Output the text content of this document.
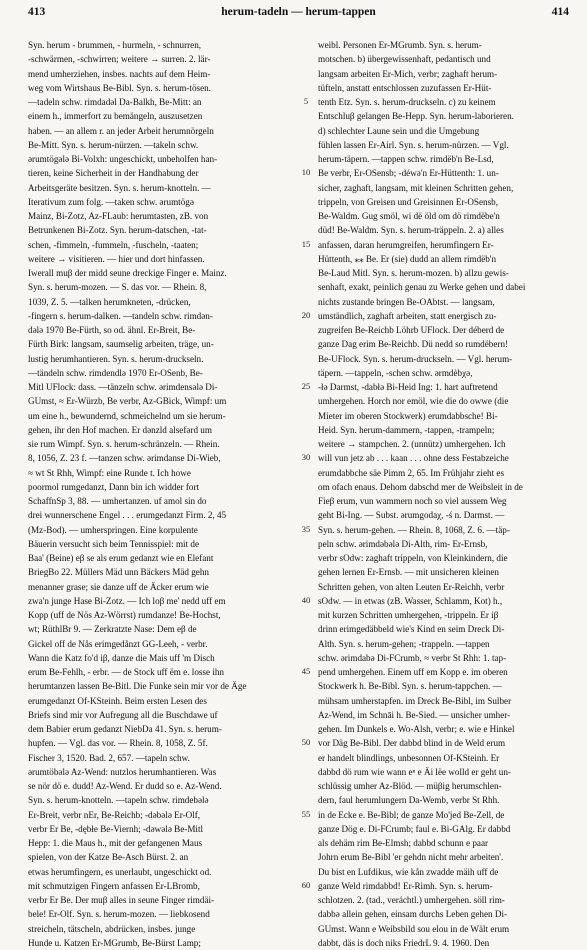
413	herum-tadeln — herum-tappen	414
Syn. herum - brummen, - hurmeln, - schnurren,
-schwärmen, -schwirren; weitere → surren. 2. lär-
mend umherziehen, insbes. nachts auf dem Heim-
weg vom Wirtshaus Be-Bibl. Syn. s. herum-tösen.
—tadeln schw. rimdadəl Da-Balkh, Be-Mitt: an
einem h., immerfort zu bemängeln, auszusetzen
haben. — an allem r. an jeder Arbeit herumnörgeln
Be-Mitt. Syn. s. herum-nürzen. —takeln schw.
ərumtögələ Bi-Volxh: ungeschickt, unbeholfen han-
tieren, keine Sicherheit in der Handhabung der
Arbeitsgeräte besitzen. Syn. s. herum-knotteln. —
Iterativum zum folg. —taken schw. ərumtögə
Mainz, Bi-Zotz, Az-FLaub: herumtasten, zB. von
Betrunkenen Bi-Zotz. Syn. herum-datschen, -tat-
schen, -fimmeln, -fummeln, -fuscheln, -taaten;
weitere → visitieren. — hier und dort hinfassen.
Iwerall muβ der midd seune dreckige Finger e. Mainz.
Syn. s. herum-mozen. — S. das vor. — Rhein. 8,
1039, Z. 5. —talken herumkneten, -drücken,
-fingern s. herum-dalken. —tandeln schw. rimdən-
dələ 1970 Be-Fürth, so od. ähnl. Er-Breit, Be-
Fürth Birk: langsam, saumselig arbeiten, träge, un-
lustig herumhantieren. Syn. s. herum-druckseln.
—tändeln schw. rimdendlə 1970 Er-OSenb, Be-
Mitl UFlock: dass. —tänzeln schw. ərimdensələ Di-
GUmst, ≈ Er-Würzb, Be verbr, Az-GBick, Wimpf: um
um eine h., bewundernd, schmeichelnd um sie herum-
gehen, ihr den Hof machen. Er dənzld alsefərd um
sie rum Wimpf. Syn. s. herum-schränzeln. — Rhein.
8, 1056, Z. 23 f. —tanzen schw. ərimdanse Di-Wieb,
≈ wt St Rhh, Wimpf: eine Runde t. Ich howe
poormol rumgedanzt, Dann bin ich widder fort
SchaffnSp 3, 88. — umhertanzen. uf amol sin do
drei wunnerschene Engel . . . erumgedanzt Firm. 2, 45
(Mz-Bod). — umherspringen. Eine korpulente
Bäuerin versucht sich beim Tennisspiel: mit de
Baa' (Beine) eβ se als erum gedanzt wie en Elefant
BriegBo 22. Müllers Mäd unn Bäckers Mäd gehn
menanner grase; sie danze uff de Äcker erum wie
zwa'n junge Hase Bi-Zotz. — Ich loβ me' nedd uff em
Kopp (uff de Nös Az-Wörrst) rumdanze! Be-Hochst,
wt; RüthlBr 9. — Zerkratzte Nase: Dem eβ de
Gickel off de Nås erimgedånzt GG-Leeh, - verbr.
Wann die Katz fo'd iβ, danze die Mais uff 'm Disch
erum Be-Fehlh, - erbr. — de Stock uff ëm e. losse ihn
herumtanzen lassen Be-Bitl. Die Funke sein mir vor de Äge
erumgedanzt Of-KSteinh. Beim ersten Lesen des
Briefs sind mir vor Aufregung all die Buschdawe uf
dem Babier erum gedanzt NiebDa 41. Syn. s. herum-
hupfen. — Vgl. das vor. — Rhein. 8, 1058, Z. 5f.
Fischer 3, 1520. Bad. 2, 657. —tapeln schw.
ərumtöbələ Az-Wend: nutzlos herumhantieren. Was
se nör dö e. dudd! Az-Wend. Er dudd so e. Az-Wend.
Syn. s. herum-knotteln. —tapeln schw. rimdebələ
Er-Breit, verbr nEr, Be-Reichb; -dəbələ Er-Olf,
verbr Er Be, -dębłe Be-Viernh; -dəwələ Be-Mitl
Hepp: 1. die Maus h., mit der gefangenen Maus
spielen, von der Katze Be-Asch Bürst. 2. an
etwas herumfingern, es unerlaubt, ungeschickt od.
mit schmutzigen Fingern anfassen Er-LBromb,
verbr Er Be. Der muβ alles in seune Finger rimdäi-
bele! Er-Olf. Syn. s. herum-mozen. — liebkosend
streicheln, tätscheln, abdrücken, insbes. junge
Hunde u. Katzen Er-MGrumb, Be-Bürst Lamp;
5
10
15
20
25
30
35
40
45
50
55
60
weibl. Personen Er-MGrumb. Syn. s. herum-
motschen. b) übergewissenhaft, pedantisch und
langsam arbeiten Er-Mich, verbr; zaghaft herum-
tüfteln, anstatt entschlossen zuzufassen Er-Hüt-
tenth Etz. Syn. s. herum-druckseln. c) zu keinem
Entschluβ gelangen Be-Hepp. Syn. herum-laborieren.
d) schlechter Laune sein und die Umgebung
fühlen lassen Er-Airl. Syn. s. herum-nürzen. — Vgl.
herum-täpern. —tappen schw. rimdëb'n Be-Lsd,
Be verbr, Er-OSensb; -déwə'n Er-Hüttenth: 1. un-
sicher, zaghaft, langsam, mit kleinen Schritten gehen,
trippeln, von Greisen und Greisinnen Er-OSensb,
Be-Waldm. Gug smöl, wi dë öld om dö rimdëbe'n
düd! Be-Waldm. Syn. s. herum-träppeln. 2. a) alles
anfassen, daran herumgreifen, herumfingern Er-
Hüttenth, ⁎⁎ Be. Er (sie) dudd an allem rimdëb'n
Be-Laud Mitl. Syn. s. herum-mozen. b) allzu gewis-
senhaft, exakt, peinlich genau zu Werke gehen und dabei
nichts zustande bringen Be-OAbtst. — langsam,
umständlich, zaghaft arbeiten, statt energisch zu-
zugreifen Be-Reichb Löhrb UFlock. Der déberd de
ganze Dag erim Be-Reichb. Dü nedd so rumdëbern!
Be-UFlock. Syn. s. herum-druckseln. — Vgl. herum-
täpern. —tappeln, -schen schw. ərmdèbχə,
-łə Darmst, -dabłə Bi-Heid Ing: 1. hart auftretend
umhergehen. Horch nor emöl, wie die do owwe (die
Mieter im oberen Stockwerk) erumdabbsche! Bi-
Heid. Syn. herum-dammern, -tappen, -trampeln;
weitere → stampchen. 2. (unnütz) umhergehen. Ich
will vun jetz ab . . . kaan . . . ohne dess Festabzeiche
erumdabbche säe Pimm 2, 65. Im Frühjahr zieht es
om ofach enaus. Dehom dabschd mer de Weibsleit in de
Fieβ erum, vun wammern noch so viel aussem Weg
geht Bi-Ing. — Subst. ərumgodaχ, -ś n. Darmst. —
Syn. s. herum-gehen. — Rhein. 8, 1068, Z. 6. —täp-
peln schw. ərimdəbələ Di-Alth, rim- Er-Ernsb,
verbr sOdw: zaghaft trippeln, von Kleinkindern, die
gehen lernen Er-Ernsb. — mit unsicheren kleinen
Schritten gehen, von alten Leuten Er-Reichh, verbr
sOdw. — in etwas (zB. Wasser, Schlamm, Kot) h.,
mit kurzen Schritten umhergehen, -trippeln. Er iβ
drinn erimgedäbbeld wie's Kind en seim Dreck Di-
Alth. Syn. s. herum-gehen; -trappeln. —tappen
schw. ərimdabə Di-FCrumb, ≈ verbr St Rhh: 1. tap-
pend umhergehen. Einem uff em Kopp e. im oberen
Stockwerk h. Be-Bibl. Syn. s. herum-tappchen. —
mühsam umherstapfen. im Dreck Be-Bibl, im Sulber
Az-Wend, im Schnāi h. Be-Sied. — unsicher umher-
gehen. Im Dunkels e. Wo-Alsh, verbr; e. wie e Hinkel
vor Däg Be-Bibl. Der dabbd blind in de Weld erum
er handelt blindlings, unbesonnen Of-KSteinh. Er
dabbd dö rum wie wann eⁿ e Äi lëe wolld er geht un-
schlüssig umher Az-Blöd. — müβig herumschlen-
dern, faul herumlungern Da-Wemb, verbr St Rhh.
in de Ecke e. Be-Bibl; de ganze Mo'jed Be-Zell, de
ganze Dög e. Di-FCrumb; faul e. Bi-GAlg. Er dabbd
als dehäm rim Be-Elmsh; dabbd schunn e paar
Johrn erum Be-Bibl 'er gehdn nicht mehr arbeiten'.
Du bist en Lufdikus, wie kån zwadde mäih uff de
ganze Weld rimdabbd! Er-Rimh. Syn. s. herum-
schlotzen. 2. (tad., veráchtl.) umhergehen. söll rim-
dabbə allein gehen, einsam durchs Leben gehen Di-
GUmst. Wann e Weibsbild sou elou in de Wält erum
dabbt, däs is doch niks FriedrL 9. 4. 1960. Den
